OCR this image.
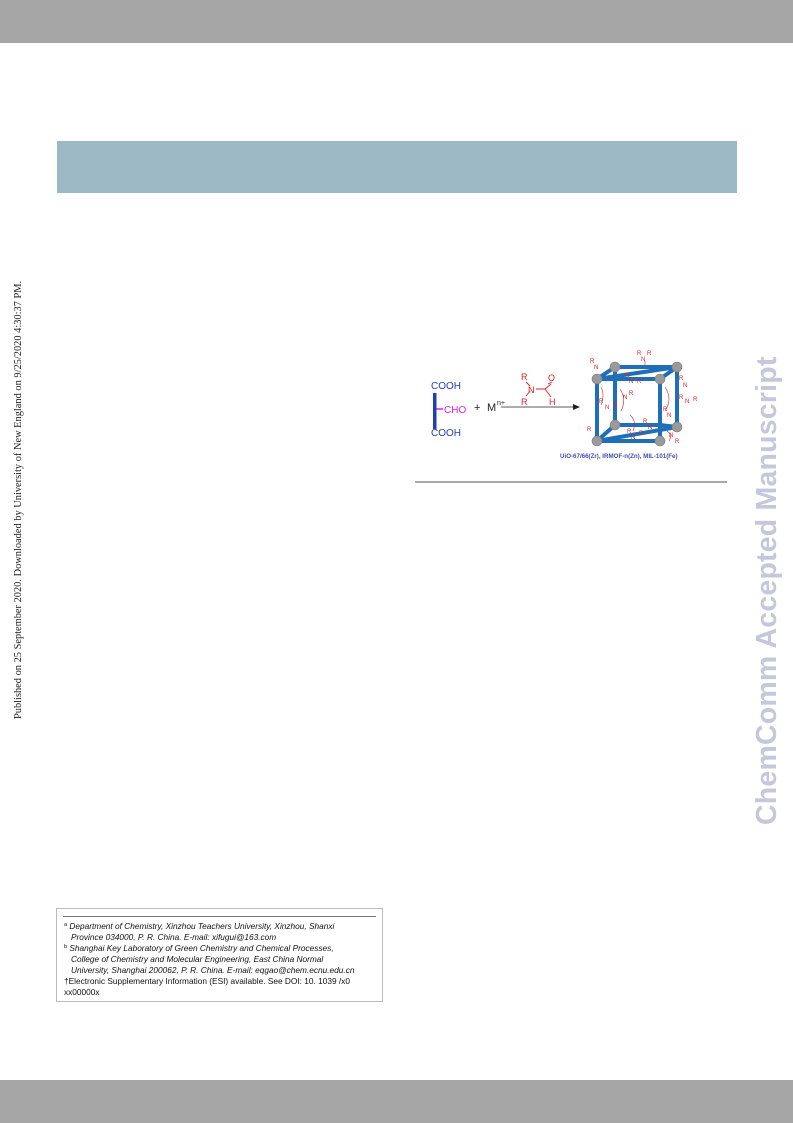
Published on 25 September 2020. Downloaded by University of New England on 9/25/2020 4:30:37 PM.	ChemComm Accepted Manuscript
COOH
CHO
COOH
+ M n+
R
N
R
O
H
R
N
R
R
N
R
N R	R
N
R
N R
N
R
R
N R
R
N
R
N
R
R
N
R
N
R
UiO-67/66(Zr), IRMOF-n(Zn), MIL-101(Fe)
$^a$ Department of Chemistry, Xinzhou Teachers University, Xinzhou, Shanxi
Province 034000, P. R. China. E-mail: xifugui@163.com
$^b$ Shanghai Key Laboratory of Green Chemistry and Chemical Processes,
College of Chemistry and Molecular Engineering, East China Normal
University, Shanghai 200062, P. R. China. E-mail: eqgao@chem.ecnu.edu.cn
†Electronic Supplementary Information (ESI) available. See DOI: 10. 1039 /x0
xx00000x
